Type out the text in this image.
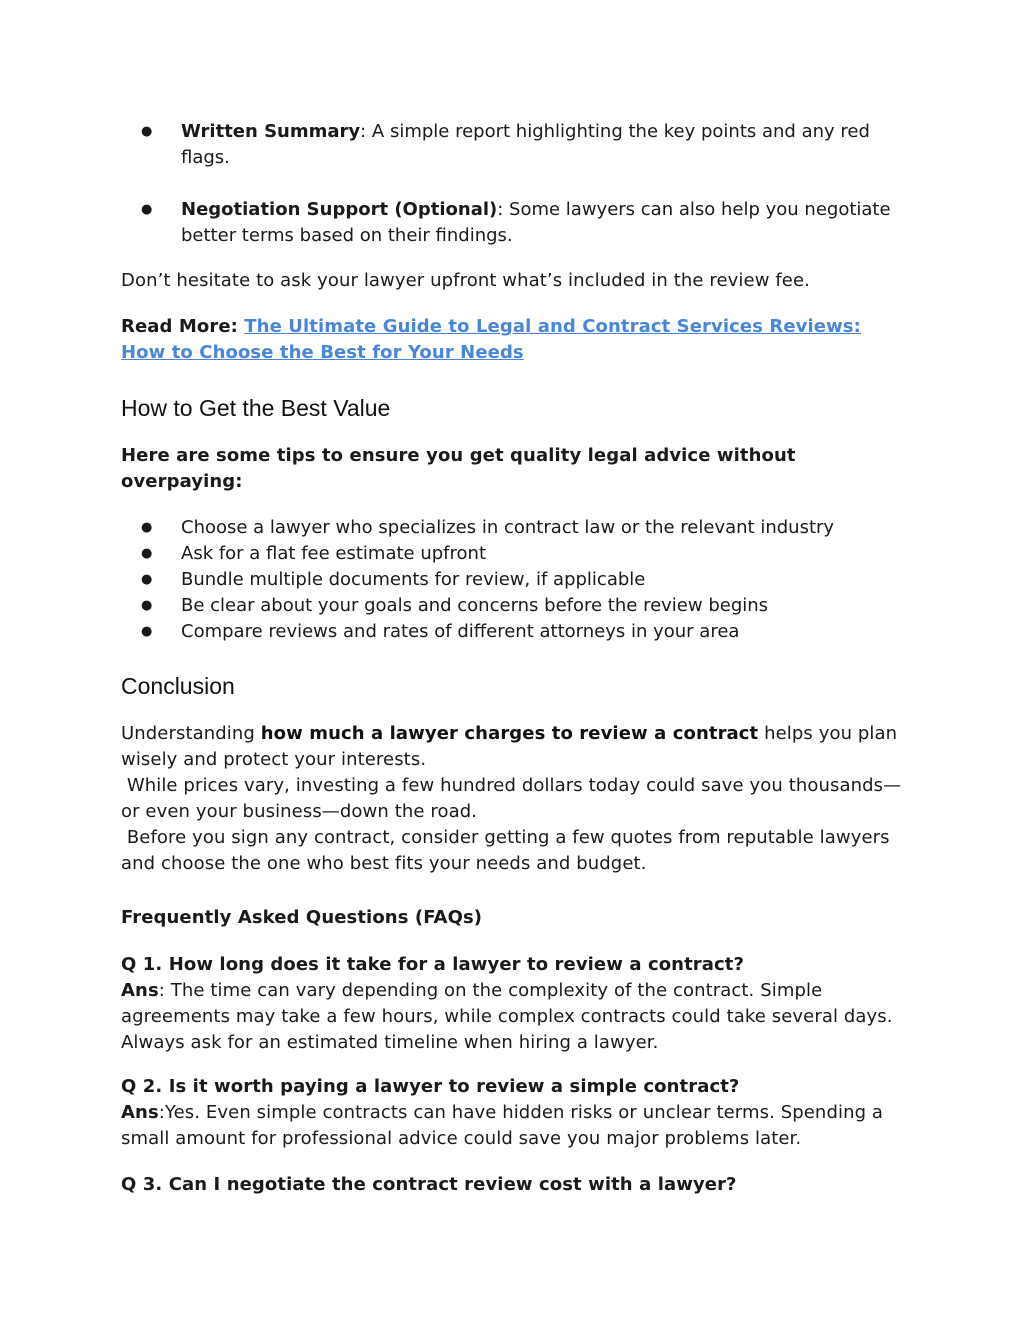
● Written Summary: A simple report highlighting the key points and any red flags.
● Negotiation Support (Optional): Some lawyers can also help you negotiate better terms based on their findings.

Don’t hesitate to ask your lawyer upfront what’s included in the review fee.

Read More: The Ultimate Guide to Legal and Contract Services Reviews: How to Choose the Best for Your Needs

How to Get the Best Value

Here are some tips to ensure you get quality legal advice without overpaying:

● Choose a lawyer who specializes in contract law or the relevant industry
● Ask for a flat fee estimate upfront
● Bundle multiple documents for review, if applicable
● Be clear about your goals and concerns before the review begins
● Compare reviews and rates of different attorneys in your area
Conclusion

Understanding how much a lawyer charges to review a contract helps you plan wisely and protect your interests.

While prices vary, investing a few hundred dollars today could save you thousands—or even your business—down the road.

Before you sign any contract, consider getting a few quotes from reputable lawyers and choose the one who best fits your needs and budget.

Frequently Asked Questions (FAQs)

Q 1. How long does it take for a lawyer to review a contract?

Ans: The time can vary depending on the complexity of the contract. Simple agreements may take a few hours, while complex contracts could take several days. Always ask for an estimated timeline when hiring a lawyer.

Q 2. Is it worth paying a lawyer to review a simple contract?

Ans:Yes. Even simple contracts can have hidden risks or unclear terms. Spending a small amount for professional advice could save you major problems later.

Q 3. Can I negotiate the contract review cost with a lawyer?
